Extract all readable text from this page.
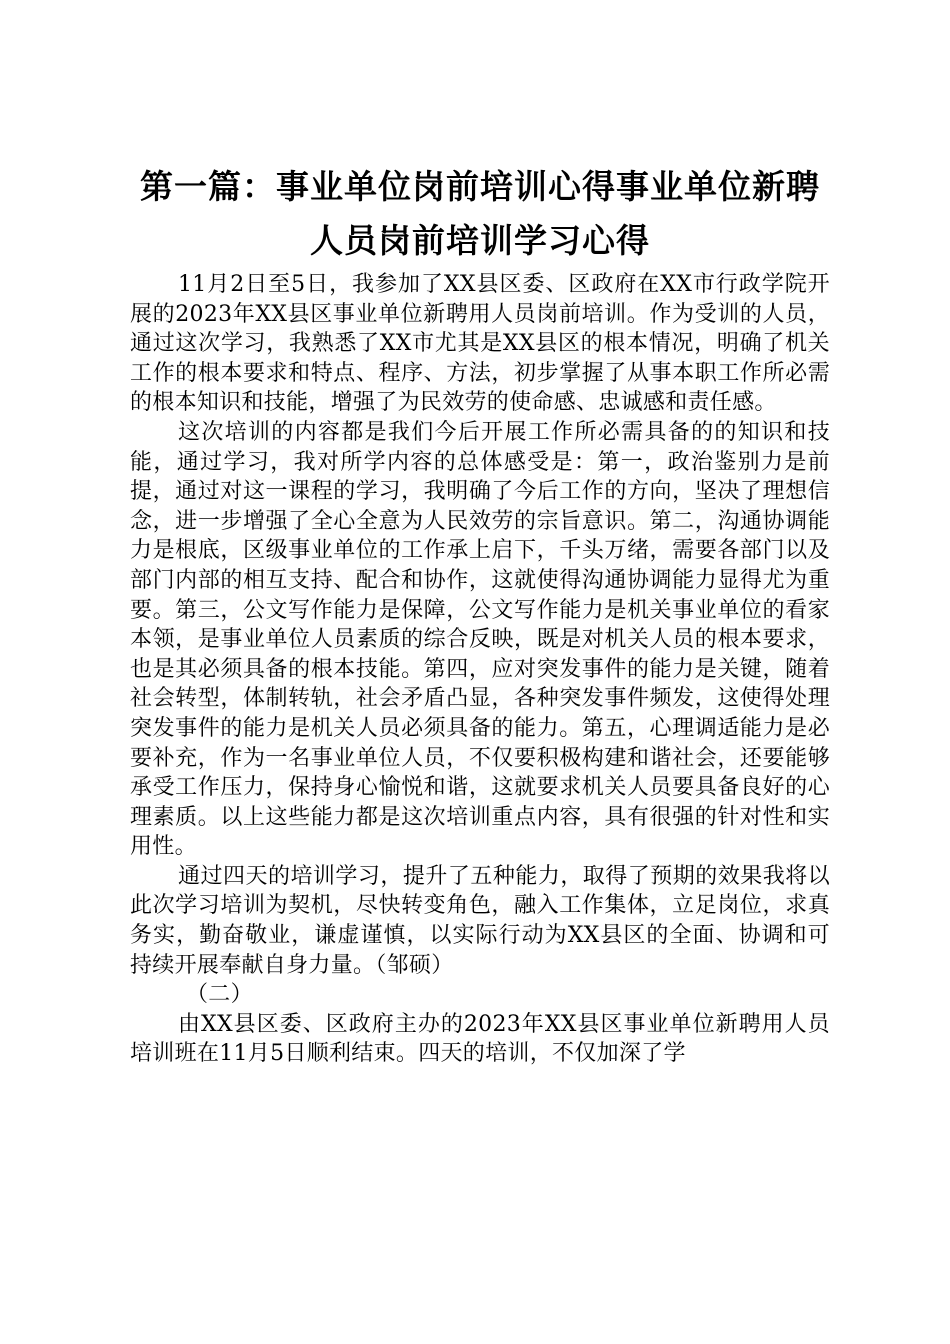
第一篇：事业单位岗前培训心得事业单位新聘
人员岗前培训学习心得

11月2日至5日，我参加了XX县区委、区政府在XX市行政学院开展的2023年XX县区事业单位新聘用人员岗前培训。作为受训的人员，通过这次学习，我熟悉了XX市尤其是XX县区的根本情况，明确了机关工作的根本要求和特点、程序、方法，初步掌握了从事本职工作所必需的根本知识和技能，增强了为民效劳的使命感、忠诚感和责任感。

这次培训的内容都是我们今后开展工作所必需具备的的知识和技能，通过学习，我对所学内容的总体感受是：第一，政治鉴别力是前提，通过对这一课程的学习，我明确了今后工作的方向，坚决了理想信念，进一步增强了全心全意为人民效劳的宗旨意识。第二，沟通协调能力是根底，区级事业单位的工作承上启下，千头万绪，需要各部门以及部门内部的相互支持、配合和协作，这就使得沟通协调能力显得尤为重要。第三，公文写作能力是保障，公文写作能力是机关事业单位的看家本领，是事业单位人员素质的综合反映，既是对机关人员的根本要求，也是其必须具备的根本技能。第四，应对突发事件的能力是关键，随着社会转型，体制转轨，社会矛盾凸显，各种突发事件频发，这使得处理突发事件的能力是机关人员必须具备的能力。第五，心理调适能力是必要补充，作为一名事业单位人员，不仅要积极构建和谐社会，还要能够承受工作压力，保持身心愉悦和谐，这就要求机关人员要具备良好的心理素质。以上这些能力都是这次培训重点内容，具有很强的针对性和实用性。

通过四天的培训学习，提升了五种能力，取得了预期的效果我将以此次学习培训为契机，尽快转变角色，融入工作集体，立足岗位，求真务实，勤奋敬业，谦虚谨慎，以实际行动为XX县区的全面、协调和可持续开展奉献自身力量。（邹硕）

（二）

由XX县区委、区政府主办的2023年XX县区事业单位新聘用人员培训班在11月5日顺利结束。四天的培训，不仅加深了学
